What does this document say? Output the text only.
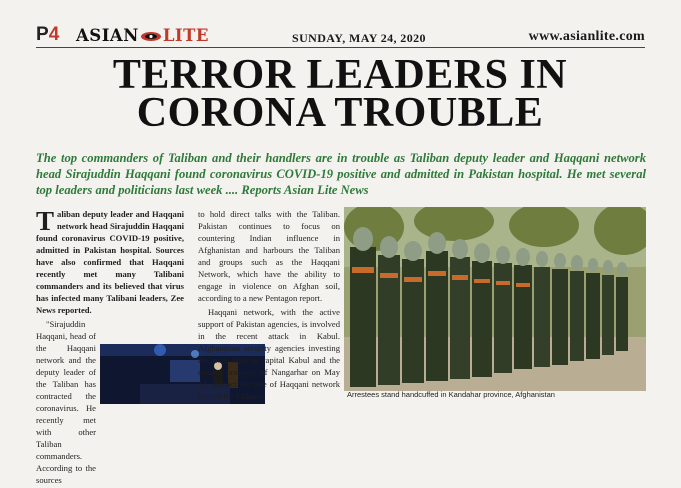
P4 ASIAN LITE	SUNDAY, MAY 24, 2020	www.asianlite.com
TERROR LEADERS IN CORONA TROUBLE
The top commanders of Taliban and their handlers are in trouble as Taliban deputy leader and Haqqani network head Sirajuddin Haqqani found coronavirus COVID-19 positive and admitted in Pakistan hospital. He met several top leaders and politicians last week .... Reports Asian Lite News

Taliban deputy leader and Haqqani network head Sirajuddin Haqqani found coronavirus COVID-19 positive, admitted in Pakistan hospital. Sources have also confirmed that Haqqani recently met many Talibani commanders and its believed that virus has infected many Talibani leaders, Zee News reported.

"Sirajuddin Haqqani, head of the Haqqani network and the deputy leader of the Taliban has contracted the coronavirus. He recently met with other Taliban commanders. According to the sources

to hold direct talks with the Taliban. Pakistan continues to focus on countering Indian influence in Afghanistan and harbours the Taliban and groups such as the Haqqani Network, which have the ability to engage in violence on Afghan soil, according to a new Pentagon report.

Haqqani network, with the active support of Pakistan agencies, is involved in the recent attack in Kabul. Afghanistan security agencies investing the twin blast in capital Kabul and the eastern province of Nangarhar on May 12, suspect the role of Haqqani network behind the Eidgaon	Arrestees stand handcuffed in Kandahar province, Afghanistan
